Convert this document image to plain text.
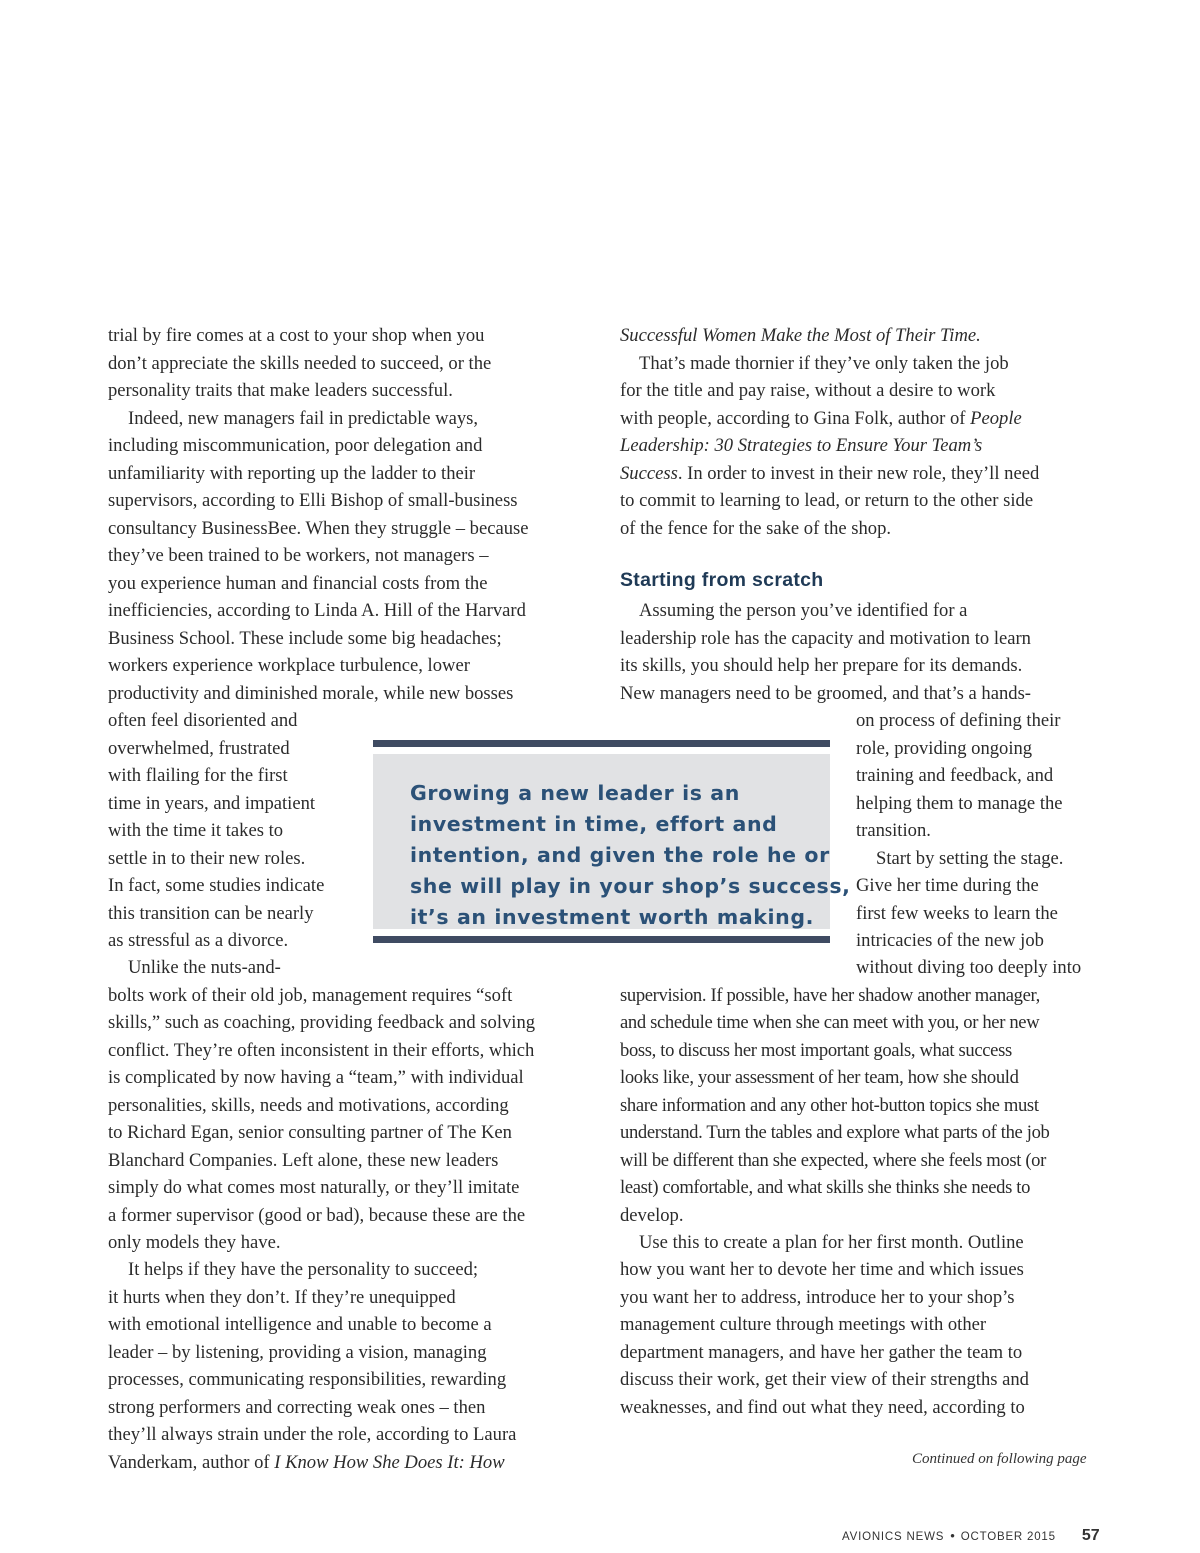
trial by fire comes at a cost to your shop when you
don’t appreciate the skills needed to succeed, or the
personality traits that make leaders successful.
Indeed, new managers fail in predictable ways,
including miscommunication, poor delegation and
unfamiliarity with reporting up the ladder to their
supervisors, according to Elli Bishop of small-business
consultancy BusinessBee. When they struggle – because
they’ve been trained to be workers, not managers –
you experience human and financial costs from the
inefficiencies, according to Linda A. Hill of the Harvard
Business School. These include some big headaches;
workers experience workplace turbulence, lower
productivity and diminished morale, while new bosses
often feel disoriented and
overwhelmed, frustrated
with flailing for the first
time in years, and impatient
with the time it takes to
settle in to their new roles.
In fact, some studies indicate
this transition can be nearly
as stressful as a divorce.
Unlike the nuts-and-
bolts work of their old job, management requires “soft
skills,” such as coaching, providing feedback and solving
conflict. They’re often inconsistent in their efforts, which
is complicated by now having a “team,” with individual
personalities, skills, needs and motivations, according
to Richard Egan, senior consulting partner of The Ken
Blanchard Companies. Left alone, these new leaders
simply do what comes most naturally, or they’ll imitate
a former supervisor (good or bad), because these are the
only models they have.
It helps if they have the personality to succeed;
it hurts when they don’t. If they’re unequipped
with emotional intelligence and unable to become a
leader – by listening, providing a vision, managing
processes, communicating responsibilities, rewarding
strong performers and correcting weak ones – then
they’ll always strain under the role, according to Laura
Vanderkam, author of I Know How She Does It: How
Successful Women Make the Most of Their Time.
That’s made thornier if they’ve only taken the job
for the title and pay raise, without a desire to work
with people, according to Gina Folk, author of People
Leadership: 30 Strategies to Ensure Your Team’s
Success. In order to invest in their new role, they’ll need
to commit to learning to lead, or return to the other side
of the fence for the sake of the shop.
Starting from scratch
Assuming the person you’ve identified for a
leadership role has the capacity and motivation to learn
its skills, you should help her prepare for its demands.
New managers need to be groomed, and that’s a hands-
on process of defining their
role, providing ongoing
training and feedback, and
helping them to manage the
transition.
Start by setting the stage.
Give her time during the
first few weeks to learn the
intricacies of the new job
without diving too deeply into
supervision. If possible, have her shadow another manager,
and schedule time when she can meet with you, or her new
boss, to discuss her most important goals, what success
looks like, your assessment of her team, how she should
share information and any other hot-button topics she must
understand. Turn the tables and explore what parts of the job
will be different than she expected, where she feels most (or
least) comfortable, and what skills she thinks she needs to
develop.
Use this to create a plan for her first month. Outline
how you want her to devote her time and which issues
you want her to address, introduce her to your shop’s
management culture through meetings with other
department managers, and have her gather the team to
discuss their work, get their view of their strengths and
weaknesses, and find out what they need, according to
Growing a new leader is an
investment in time, effort and
intention, and given the role he or
she will play in your shop’s success,
it’s an investment worth making.
Continued on following page
AVIONICS NEWS • OCTOBER 2015 57
